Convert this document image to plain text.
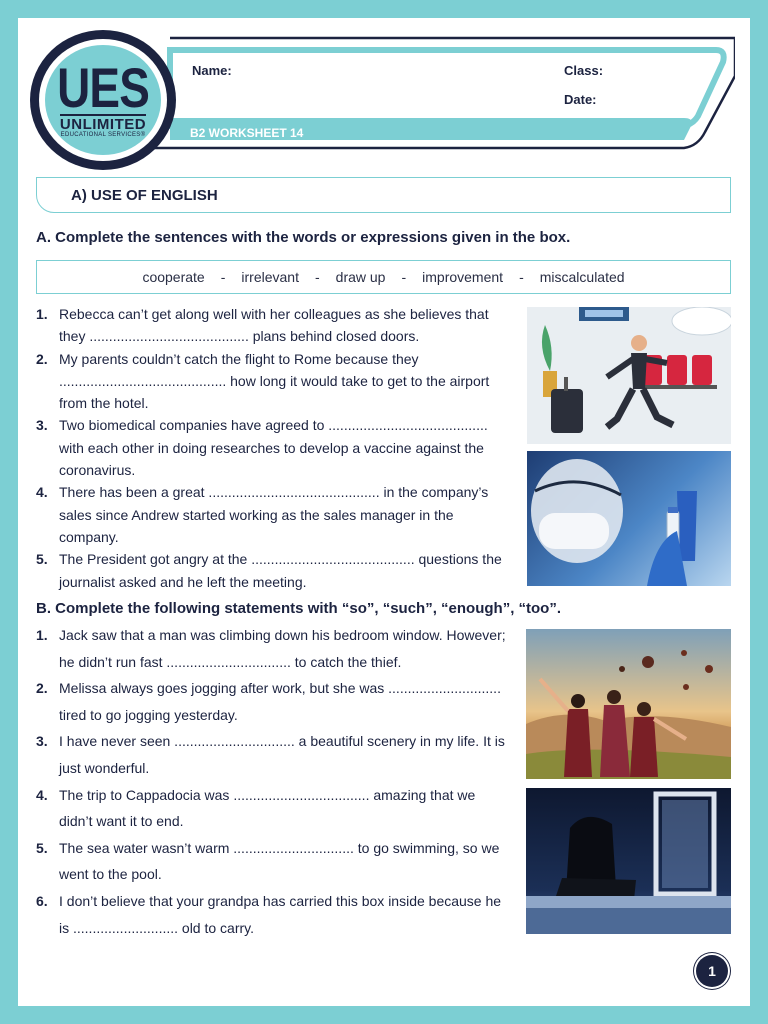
UES
UNLIMITED
EDUCATIONAL SERVICES®
Name:	Class:
Date:
B2 WORKSHEET 14
A) USE OF ENGLISH
A. Complete the sentences with the words or expressions given in the box.
cooperate - irrelevant - draw up - improvement - miscalculated
1. Rebecca can’t get along well with her colleagues as she believes that they ......................................... plans behind closed doors.
2. My parents couldn’t catch the flight to Rome because they ........................................... how long it would take to get to the airport from the hotel.
3. Two biomedical companies have agreed to ......................................... with each other in doing researches to develop a vaccine against the coronavirus.
4. There has been a great ............................................ in the company’s sales since Andrew started working as the sales manager in the company.
5. The President got angry at the .......................................... questions the journalist asked and he left the meeting.
B. Complete the following statements with “so”, “such”, “enough”, “too”.
1. Jack saw that a man was climbing down his bedroom window. However; he didn’t run fast ................................ to catch the thief.
2. Melissa always goes jogging after work, but she was ............................. tired to go jogging yesterday.
3. I have never seen ............................... a beautiful scenery in my life. It is just wonderful.
4. The trip to Cappadocia was ................................... amazing that we didn’t want it to end.
5. The sea water wasn’t warm ............................... to go swimming, so we went to the pool.
6. I don’t believe that your grandpa has carried this box inside because he is ........................... old to carry.
1
